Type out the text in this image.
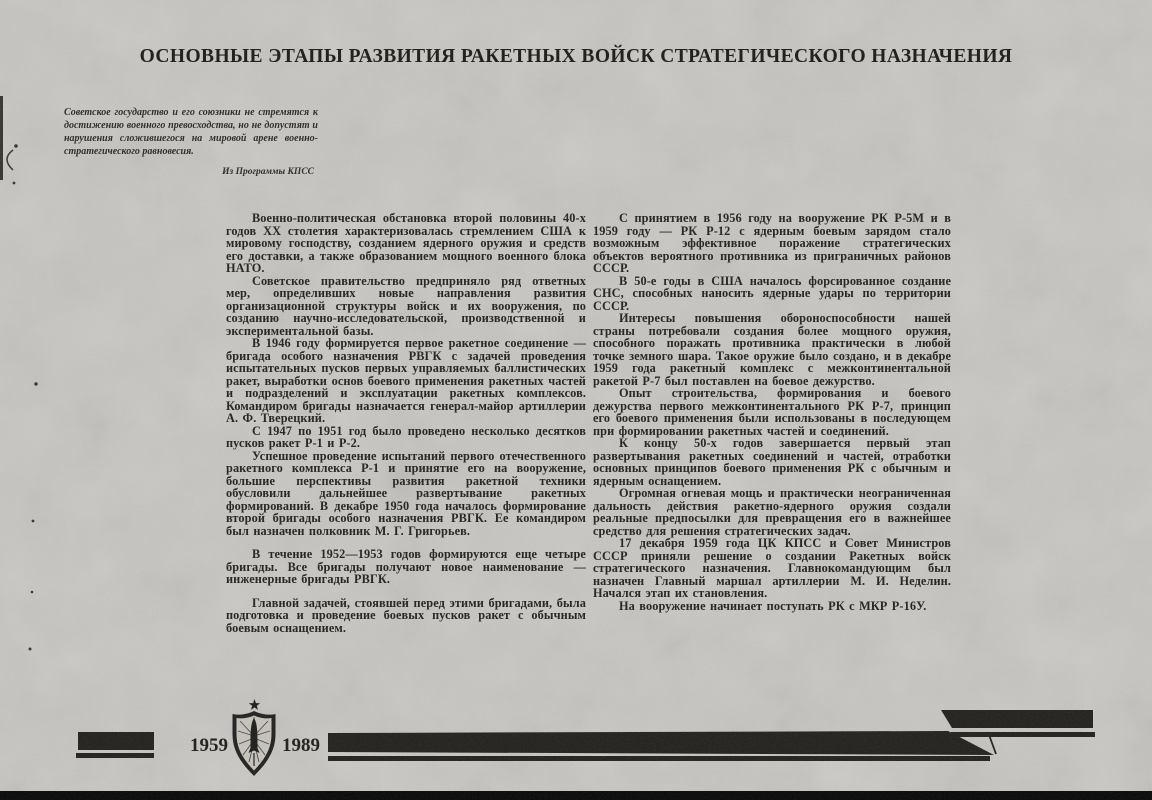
ОСНОВНЫЕ ЭТАПЫ РАЗВИТИЯ РАКЕТНЫХ ВОЙСК СТРАТЕГИЧЕСКОГО НАЗНАЧЕНИЯ
Советское государство и его союзники не стремятся к достижению военного превосходства, но не допустят и нарушения сложившегося на мировой арене военно-стратегического равновесия.
Из Программы КПСС

Военно-политическая обстановка второй половины 40-х годов XX столетия характеризовалась стремлением США к мировому господству, созданием ядерного оружия и средств его доставки, а также образованием мощного военного блока НАТО.

Советское правительство предприняло ряд ответных мер, определивших новые направления развития организационной структуры войск и их вооружения, по созданию научно-исследовательской, производственной и экспериментальной базы.

В 1946 году формируется первое ракетное соединение — бригада особого назначения РВГК с задачей проведения испытательных пусков первых управляемых баллистических ракет, выработки основ боевого применения ракетных частей и подразделений и эксплуатации ракетных комплексов. Командиром бригады назначается генерал-майор артиллерии А. Ф. Тверецкий.

С 1947 по 1951 год было проведено несколько десятков пусков ракет Р-1 и Р-2.

Успешное проведение испытаний первого отечественного ракетного комплекса Р-1 и принятие его на вооружение, большие перспективы развития ракетной техники обусловили дальнейшее развертывание ракетных формирований. В декабре 1950 года началось формирование второй бригады особого назначения РВГК. Ее командиром был назначен полковник М. Г. Григорьев.

В течение 1952—1953 годов формируются еще четыре бригады. Все бригады получают новое наименование — инженерные бригады РВГК.

Главной задачей, стоявшей перед этими бригадами, была подготовка и проведение боевых пусков ракет с обычным боевым оснащением.

С принятием в 1956 году на вооружение РК Р-5М и в 1959 году — РК Р-12 с ядерным боевым зарядом стало возможным эффективное поражение стратегических объектов вероятного противника из приграничных районов СССР.

В 50-е годы в США началось форсированное создание СНС, способных наносить ядерные удары по территории СССР.

Интересы повышения обороноспособности нашей страны потребовали создания более мощного оружия, способного поражать противника практически в любой точке земного шара. Такое оружие было создано, и в декабре 1959 года ракетный комплекс с межконтинентальной ракетой Р-7 был поставлен на боевое дежурство.

Опыт строительства, формирования и боевого дежурства первого межконтинентального РК Р-7, принцип его боевого применения были использованы в последующем при формировании ракетных частей и соединений.

К концу 50-х годов завершается первый этап развертывания ракетных соединений и частей, отработки основных принципов боевого применения РК с обычным и ядерным оснащением.

Огромная огневая мощь и практически неограниченная дальность действия ракетно-ядерного оружия создали реальные предпосылки для превращения его в важнейшее средство для решения стратегических задач.

17 декабря 1959 года ЦК КПСС и Совет Министров СССР приняли решение о создании Ракетных войск стратегического назначения. Главнокомандующим был назначен Главный маршал артиллерии М. И. Неделин. Начался этап их становления.

На вооружение начинает поступать РК с МКР Р-16У.

1959	1989
